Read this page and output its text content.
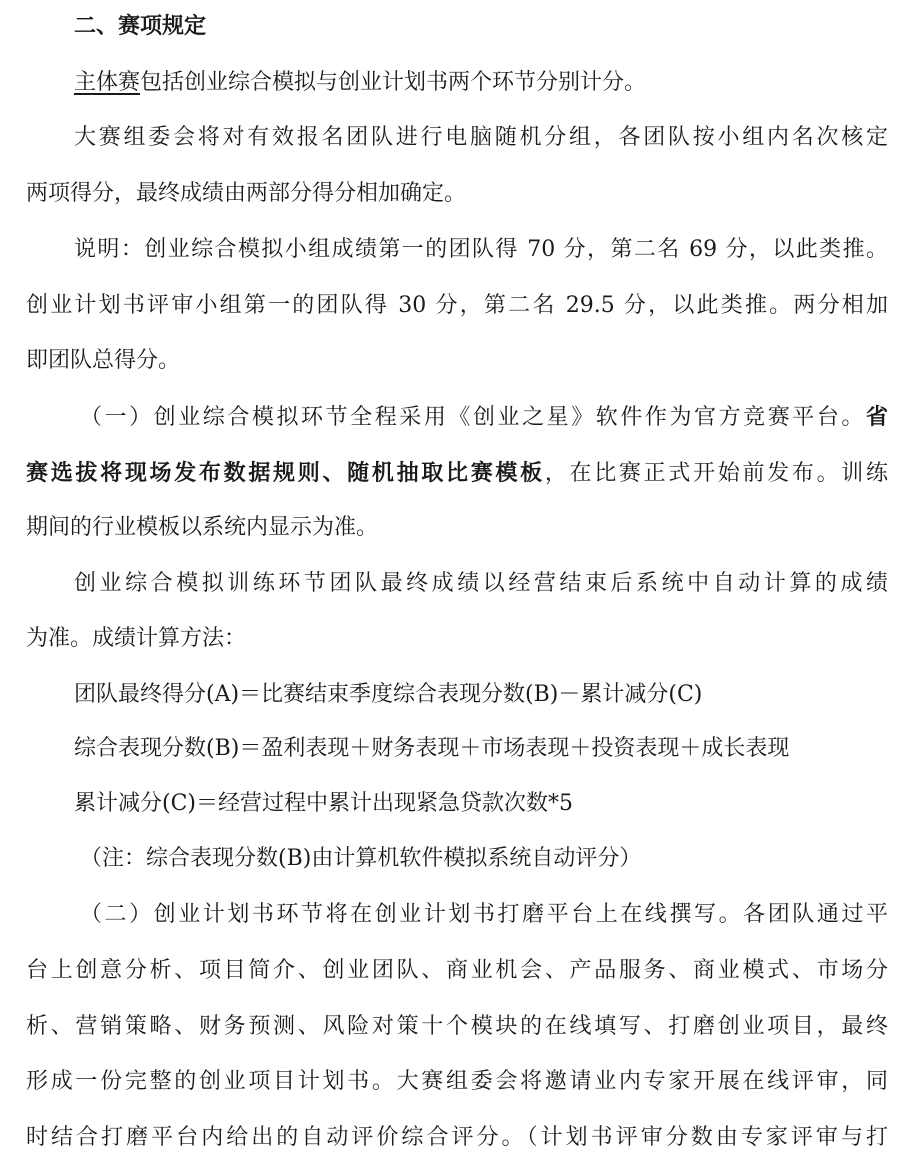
二、赛项规定
主体赛包括创业综合模拟与创业计划书两个环节分别计分。
大赛组委会将对有效报名团队进行电脑随机分组，各团队按小组内名次核定
两项得分，最终成绩由两部分得分相加确定。
说明：创业综合模拟小组成绩第一的团队得 70 分，第二名 69 分，以此类推。
创业计划书评审小组第一的团队得 30 分，第二名 29.5 分，以此类推。两分相加
即团队总得分。
（一）创业综合模拟环节全程采用《创业之星》软件作为官方竞赛平台。省
赛选拔将现场发布数据规则、随机抽取比赛模板，在比赛正式开始前发布。训练
期间的行业模板以系统内显示为准。
创业综合模拟训练环节团队最终成绩以经营结束后系统中自动计算的成绩
为准。成绩计算方法：
团队最终得分(A)＝比赛结束季度综合表现分数(B)－累计减分(C)
综合表现分数(B)＝盈利表现＋财务表现＋市场表现＋投资表现＋成长表现
累计减分(C)＝经营过程中累计出现紧急贷款次数*5
（注：综合表现分数(B)由计算机软件模拟系统自动评分）
（二）创业计划书环节将在创业计划书打磨平台上在线撰写。各团队通过平
台上创意分析、项目简介、创业团队、商业机会、产品服务、商业模式、市场分
析、营销策略、财务预测、风险对策十个模块的在线填写、打磨创业项目，最终
形成一份完整的创业项目计划书。大赛组委会将邀请业内专家开展在线评审，同
时结合打磨平台内给出的自动评价综合评分。（计划书评审分数由专家评审与打
